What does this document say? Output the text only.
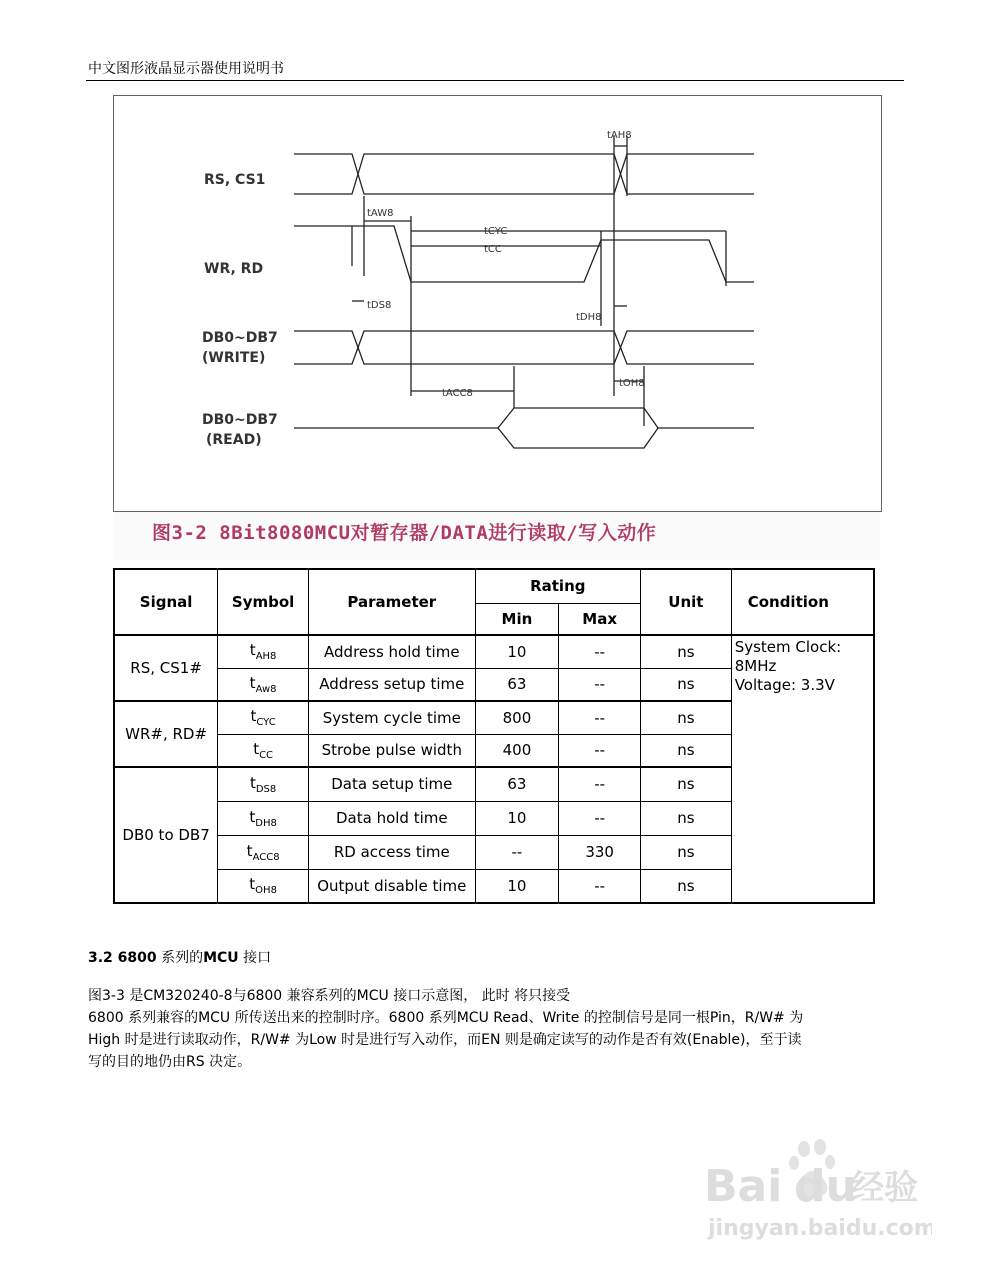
中文图形液晶显示器使用说明书
RS, CS1
WR, RD
DB0~DB7
(WRITE)
DB0~DB7
(READ)
tAH8
tAW8
tCYC
tCC
tDS8
tDH8
tACC8
tOH8
图3-2 8Bit8080MCU对暂存器/DATA进行读取/写入动作
Signal	Symbol	Parameter	Rating		Unit	Condition
			Min	Max		
RS, CS1#	$t_{AH8}$	Address hold time	10	--	ns	System Clock:
8MHz
Voltage: 3.3V
	$t_{Aw8}$	Address setup time	63	--	ns	
WR#, RD#	$t_{CYC}$	System cycle time	800	--	ns	
	$t_{CC}$	Strobe pulse width	400	--	ns	
DB0 to DB7	$t_{DS8}$	Data setup time	63	--	ns	
	$t_{DH8}$	Data hold time	10	--	ns	
	$t_{ACC8}$	RD access time	--	330	ns	
	$t_{OH8}$	Output disable time	10	--	ns	
3.2 6800 系列的MCU 接口
图3-3 是CM320240-8与6800 兼容系列的MCU 接口示意图， 此时 将只接受
6800 系列兼容的MCU 所传送出来的控制时序。6800 系列MCU Read、Write 的控制信号是同一根Pin，R/W# 为
High 时是进行读取动作，R/W# 为Low 时是进行写入动作，而EN 则是确定读写的动作是否有效(Enable)，至于读
写的目的地仍由RS 决定。
Bai du
经验
jingyan.baidu.com
